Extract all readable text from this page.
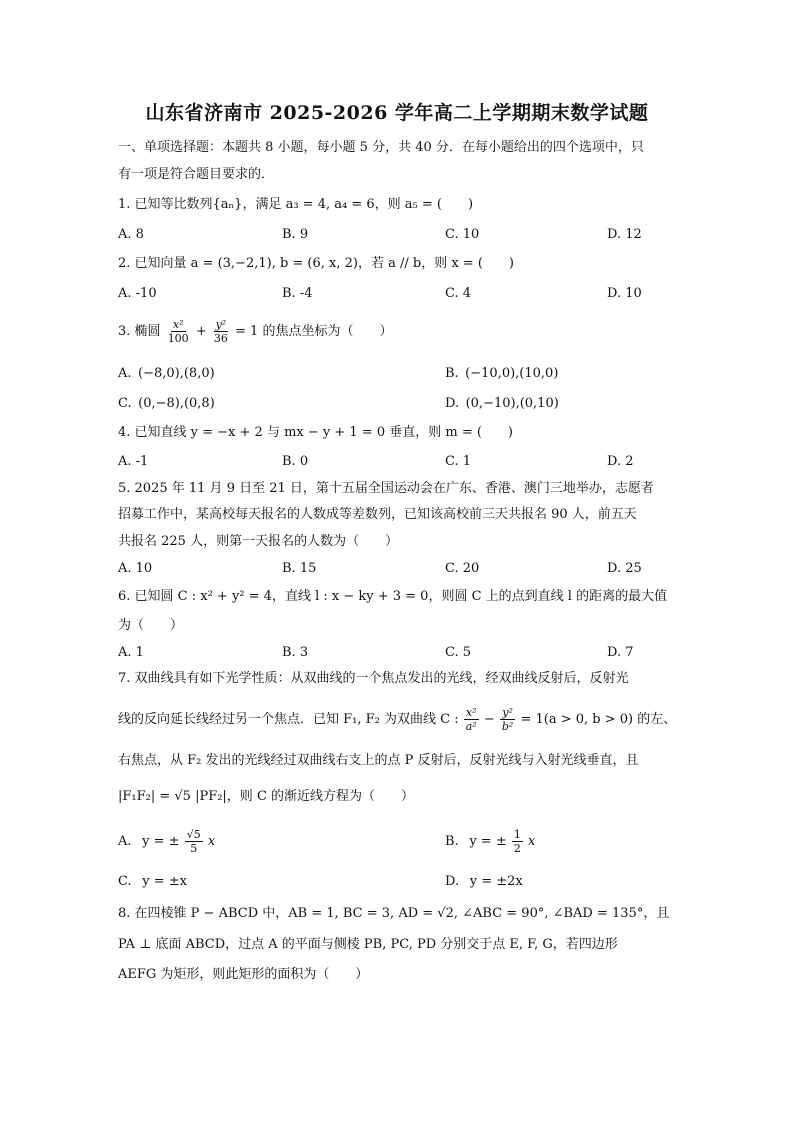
山东省济南市 2025-2026 学年高二上学期期末数学试题
一、单项选择题：本题共 8 小题，每小题 5 分，共 40 分．在每小题给出的四个选项中，只
有一项是符合题目要求的．
1. 已知等比数列{aₙ}，满足 a₃ = 4, a₄ = 6，则 a₅ = (　　)
A. 8	B. 9	C. 10	D. 12
2. 已知向量 a = (3,−2,1), b = (6, x, 2)，若 a // b，则 x = (　　)
A. -10	B. -4	C. 4	D. 10
3. 椭圆 $\frac{\text{x²}}{100} + \frac{\text{y²}}{36} = 1$ 的焦点坐标为（　　）
A. (−8,0),(8,0)	B. (−10,0),(10,0)
C. (0,−8),(0,8)	D. (0,−10),(0,10)
4. 已知直线 y = −x + 2 与 mx − y + 1 = 0 垂直，则 m = (　　)
A. -1	B. 0	C. 1	D. 2
5. 2025 年 11 月 9 日至 21 日，第十五届全国运动会在广东、香港、澳门三地举办，志愿者
招募工作中，某高校每天报名的人数成等差数列，已知该高校前三天共报名 90 人，前五天
共报名 225 人，则第一天报名的人数为（　　）
A. 10	B. 15	C. 20	D. 25
6. 已知圆 C : x² + y² = 4，直线 l : x − ky + 3 = 0，则圆 C 上的点到直线 l 的距离的最大值
为（　　）
A. 1	B. 3	C. 5	D. 7
7. 双曲线具有如下光学性质：从双曲线的一个焦点发出的光线，经双曲线反射后，反射光
线的反向延长线经过另一个焦点．已知 F₁, F₂ 为双曲线 C : $\frac{\text{x²}}{\text{a²}} - \frac{\text{y²}}{\text{b²}} = 1(a > 0$, b > 0) 的左、
右焦点，从 F₂ 发出的光线经过双曲线右支上的点 P 反射后，反射光线与入射光线垂直，且
|F₁F₂| = √5 |PF₂|，则 C 的渐近线方程为（　　）
A.  y = ± $\frac{√5}{5}$ x	B.  y = ± $\frac{1}{2}$ x
C.  y = ±x	D.  y = ±2x
8. 在四棱锥 P − ABCD 中，AB = 1, BC = 3, AD = √2, ∠ABC = 90°, ∠BAD = 135°，且
PA ⊥ 底面 ABCD，过点 A 的平面与侧棱 PB, PC, PD 分别交于点 E, F, G，若四边形
AEFG 为矩形，则此矩形的面积为（　　）
